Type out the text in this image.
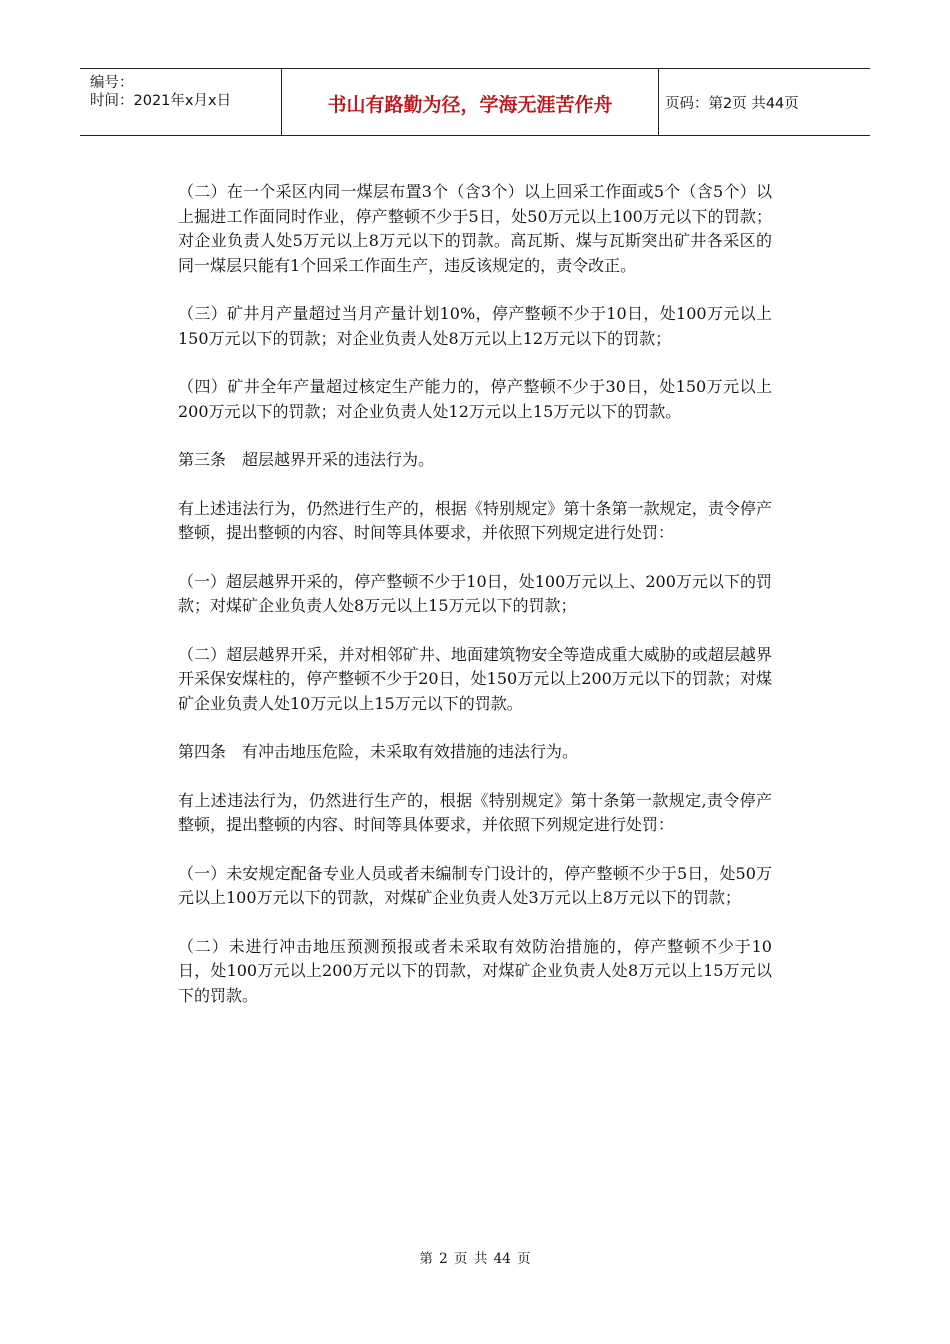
编号：
时间：2021年x月x日	书山有路勤为径，学海无涯苦作舟	页码：第2页 共44页

（二）在一个采区内同一煤层布置3个（含3个）以上回采工作面或5个（含5个）以上掘进工作面同时作业，停产整顿不少于5日，处50万元以上100万元以下的罚款；对企业负责人处5万元以上8万元以下的罚款。高瓦斯、煤与瓦斯突出矿井各采区的同一煤层只能有1个回采工作面生产，违反该规定的，责令改正。

（三）矿井月产量超过当月产量计划10%，停产整顿不少于10日，处100万元以上150万元以下的罚款；对企业负责人处8万元以上12万元以下的罚款；

（四）矿井全年产量超过核定生产能力的，停产整顿不少于30日，处150万元以上200万元以下的罚款；对企业负责人处12万元以上15万元以下的罚款。

第三条　超层越界开采的违法行为。

有上述违法行为，仍然进行生产的，根据《特别规定》第十条第一款规定，责令停产整顿，提出整顿的内容、时间等具体要求，并依照下列规定进行处罚：

（一）超层越界开采的，停产整顿不少于10日，处100万元以上、200万元以下的罚款；对煤矿企业负责人处8万元以上15万元以下的罚款；

（二）超层越界开采，并对相邻矿井、地面建筑物安全等造成重大威胁的或超层越界开采保安煤柱的，停产整顿不少于20日，处150万元以上200万元以下的罚款；对煤矿企业负责人处10万元以上15万元以下的罚款。

第四条　有冲击地压危险，未采取有效措施的违法行为。

有上述违法行为，仍然进行生产的，根据《特别规定》第十条第一款规定,责令停产整顿，提出整顿的内容、时间等具体要求，并依照下列规定进行处罚：

（一）未安规定配备专业人员或者未编制专门设计的，停产整顿不少于5日，处50万元以上100万元以下的罚款，对煤矿企业负责人处3万元以上8万元以下的罚款；

（二）未进行冲击地压预测预报或者未采取有效防治措施的，停产整顿不少于10日，处100万元以上200万元以下的罚款，对煤矿企业负责人处8万元以上15万元以下的罚款。

第 2 页 共 44 页
